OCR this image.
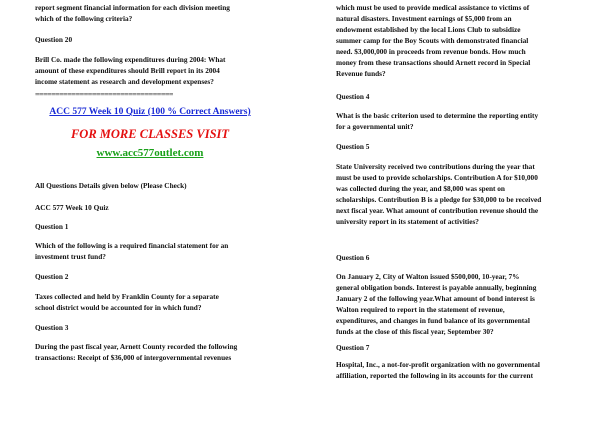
report segment financial information for each division meeting
which of the following criteria?
Question 20
Brill Co. made the following expenditures during 2004: What
amount of these expenditures should Brill report in its 2004
income statement as research and development expenses?
==================================
ACC 577 Week 10 Quiz (100 % Correct Answers)
FOR MORE CLASSES VISIT
www.acc577outlet.com
All Questions Details given below (Please Check)
ACC 577 Week 10 Quiz
Question 1
Which of the following is a required financial statement for an
investment trust fund?
Question 2
Taxes collected and held by Franklin County for a separate
school district would be accounted for in which fund?
Question 3
During the past fiscal year, Arnett County recorded the following
transactions: Receipt of $36,000 of intergovernmental revenues
which must be used to provide medical assistance to victims of
natural disasters. Investment earnings of $5,000 from an
endowment established by the local Lions Club to subsidize
summer camp for the Boy Scouts with demonstrated financial
need. $3,000,000 in proceeds from revenue bonds. How much
money from these transactions should Arnett record in Special
Revenue funds?
Question 4
What is the basic criterion used to determine the reporting entity
for a governmental unit?
Question 5
State University received two contributions during the year that
must be used to provide scholarships. Contribution A for $10,000
was collected during the year, and $8,000 was spent on
scholarships. Contribution B is a pledge for $30,000 to be received
next fiscal year. What amount of contribution revenue should the
university report in its statement of activities?
Question 6
On January 2, City of Walton issued $500,000, 10-year, 7%
general obligation bonds. Interest is payable annually, beginning
January 2 of the following year.What amount of bond interest is
Walton required to report in the statement of revenue,
expenditures, and changes in fund balance of its governmental
funds at the close of this fiscal year, September 30?
Question 7
Hospital, Inc., a not-for-profit organization with no governmental
affiliation, reported the following in its accounts for the current
